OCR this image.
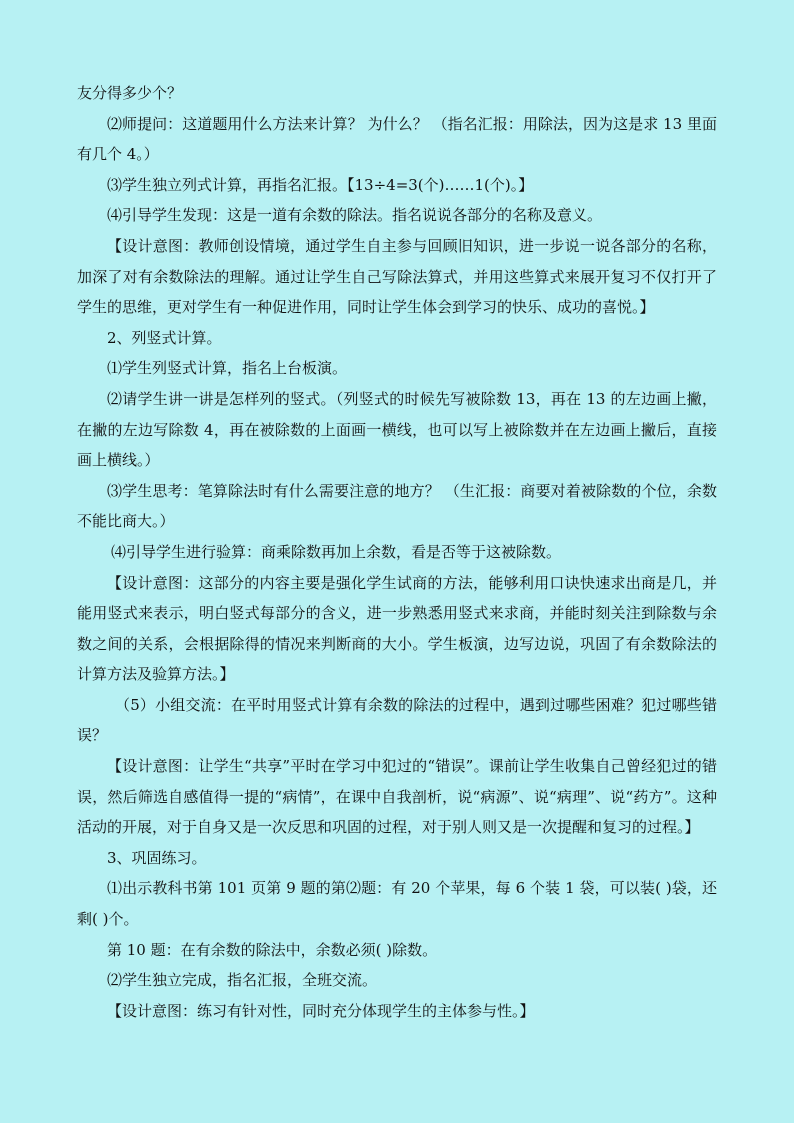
友分得多少个？

⑵师提问：这道题用什么方法来计算？ 为什么？ （指名汇报：用除法，因为这是求 13 里面有几个 4。）

⑶学生独立列式计算，再指名汇报。【13÷4=3(个)……1(个)。】

⑷引导学生发现：这是一道有余数的除法。指名说说各部分的名称及意义。

【设计意图：教师创设情境，通过学生自主参与回顾旧知识，进一步说一说各部分的名称，加深了对有余数除法的理解。通过让学生自己写除法算式，并用这些算式来展开复习不仅打开了学生的思维，更对学生有一种促进作用，同时让学生体会到学习的快乐、成功的喜悦。】

2、列竖式计算。

⑴学生列竖式计算，指名上台板演。

⑵请学生讲一讲是怎样列的竖式。（列竖式的时候先写被除数 13，再在 13 的左边画上撇，在撇的左边写除数 4，再在被除数的上面画一横线，也可以写上被除数并在左边画上撇后，直接画上横线。）

⑶学生思考：笔算除法时有什么需要注意的地方？ （生汇报：商要对着被除数的个位，余数不能比商大。）

⑷引导学生进行验算：商乘除数再加上余数，看是否等于这被除数。

【设计意图：这部分的内容主要是强化学生试商的方法，能够利用口诀快速求出商是几，并能用竖式来表示，明白竖式每部分的含义，进一步熟悉用竖式来求商，并能时刻关注到除数与余数之间的关系，会根据除得的情况来判断商的大小。学生板演，边写边说，巩固了有余数除法的计算方法及验算方法。】

（5）小组交流：在平时用竖式计算有余数的除法的过程中，遇到过哪些困难？犯过哪些错误？

【设计意图：让学生“共享”平时在学习中犯过的“错误”。课前让学生收集自己曾经犯过的错误，然后筛选自感值得一提的“病情”，在课中自我剖析，说“病源”、说“病理”、说“药方”。这种活动的开展，对于自身又是一次反思和巩固的过程，对于别人则又是一次提醒和复习的过程。】

3、巩固练习。

⑴出示教科书第 101 页第 9 题的第⑵题：有 20 个苹果，每 6 个装 1 袋，可以装( )袋，还剩( )个。

第 10 题：在有余数的除法中，余数必须( )除数。

⑵学生独立完成，指名汇报，全班交流。

【设计意图：练习有针对性，同时充分体现学生的主体参与性。】
